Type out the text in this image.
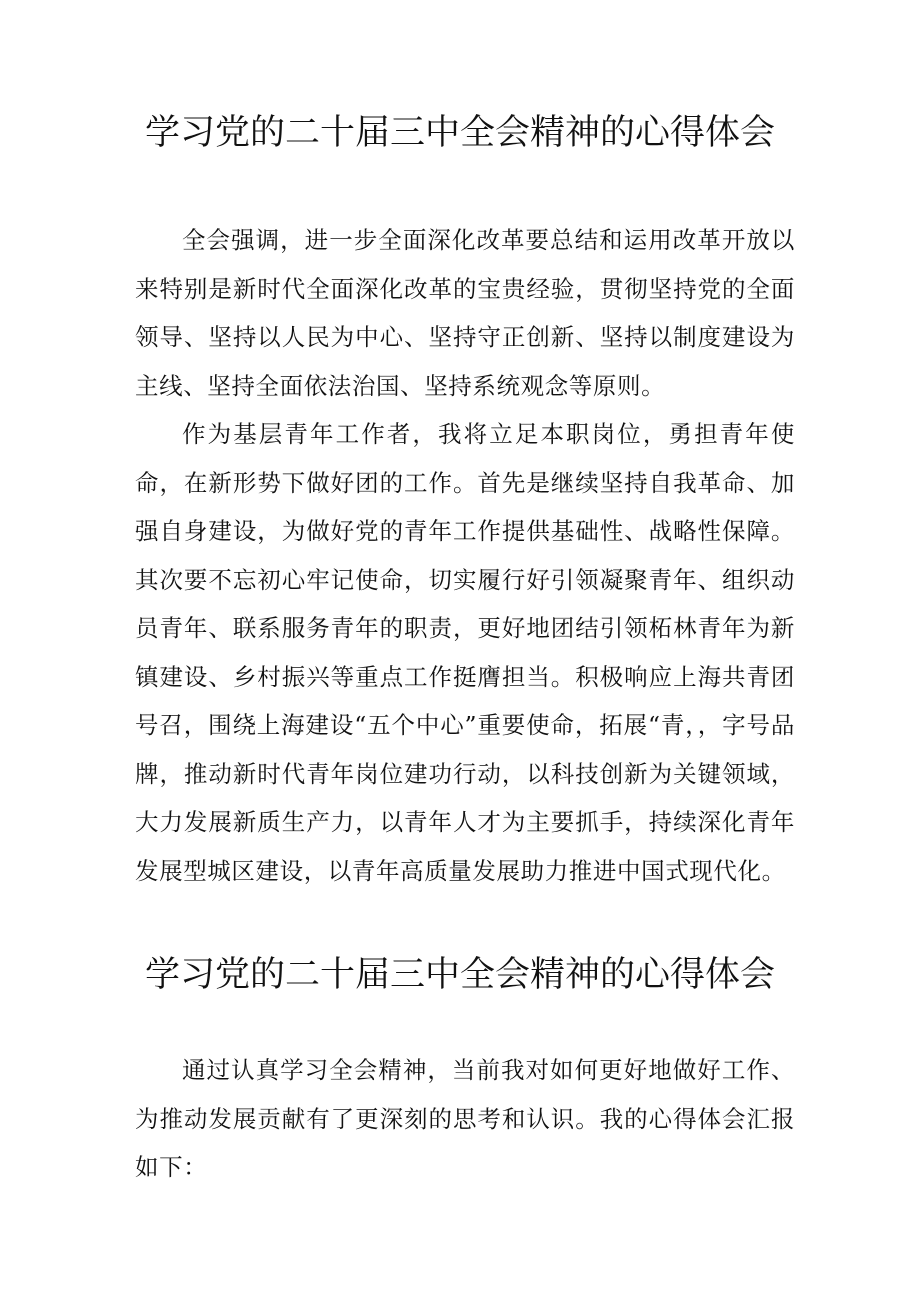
学习党的二十届三中全会精神的心得体会

全会强调，进一步全面深化改革要总结和运用改革开放以来特别是新时代全面深化改革的宝贵经验，贯彻坚持党的全面领导、坚持以人民为中心、坚持守正创新、坚持以制度建设为主线、坚持全面依法治国、坚持系统观念等原则。

作为基层青年工作者，我将立足本职岗位，勇担青年使命，在新形势下做好团的工作。首先是继续坚持自我革命、加强自身建设，为做好党的青年工作提供基础性、战略性保障。其次要不忘初心牢记使命，切实履行好引领凝聚青年、组织动员青年、联系服务青年的职责，更好地团结引领柘林青年为新镇建设、乡村振兴等重点工作挺膺担当。积极响应上海共青团号召，围绕上海建设“五个中心”重要使命，拓展“青，，字号品牌，推动新时代青年岗位建功行动，以科技创新为关键领域，大力发展新质生产力，以青年人才为主要抓手，持续深化青年发展型城区建设，以青年高质量发展助力推进中国式现代化。

学习党的二十届三中全会精神的心得体会

通过认真学习全会精神，当前我对如何更好地做好工作、为推动发展贡献有了更深刻的思考和认识。我的心得体会汇报如下：
